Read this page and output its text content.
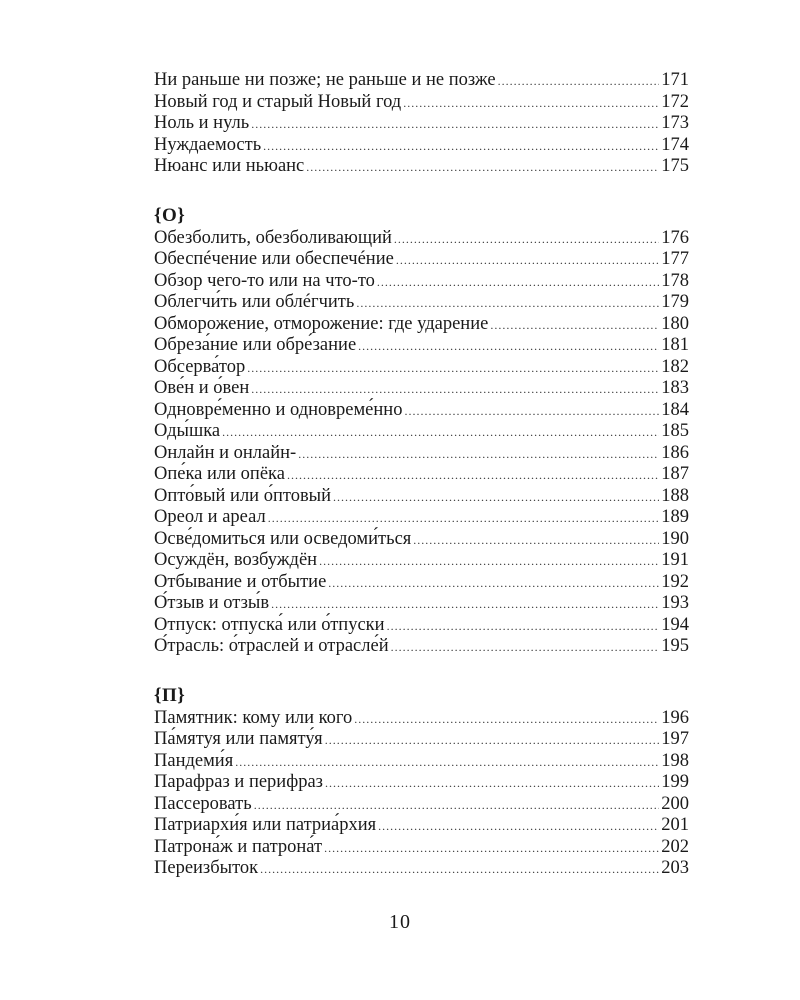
Ни раньше ни позже; не раньше и не позже .....	171
Новый год и старый Новый год .....	172
Ноль и нуль .....	173
Нуждаемость .....	174
Нюанс или ньюанс .....	175
{О}
Обезболить, обезболивающий .....	176
Обеспéчение или обеспечéние .....	177
Обзор чего-то или на что-то .....	178
Облегчи́ть или облéгчить .....	179
Обморожение, отморожение: где ударение .....	180
Обреза́ние или обре́зание .....	181
Обсерва́тор .....	182
Ове́н и о́вен .....	183
Одновре́менно и одновреме́нно .....	184
Оды́шка .....	185
Онлайн и онлайн- .....	186
Опе́ка или опёка .....	187
Опто́вый или о́птовый .....	188
Ореол и ареал .....	189
Осве́домиться или осведоми́ться .....	190
Осуждён, возбуждён .....	191
Отбывание и отбытие .....	192
О́тзыв и отзы́в .....	193
Отпуск: отпуска́ или о́тпуски .....	194
О́трасль: о́траслей и отрасле́й .....	195
{П}
Памятник: кому или кого .....	196
Па́мятуя или памяту́я .....	197
Пандеми́я .....	198
Парафраз и перифраз .....	199
Пассеровать .....	200
Патриархи́я или патриа́рхия .....	201
Патрона́ж и патрона́т .....	202
Переизбыток .....	203
10
